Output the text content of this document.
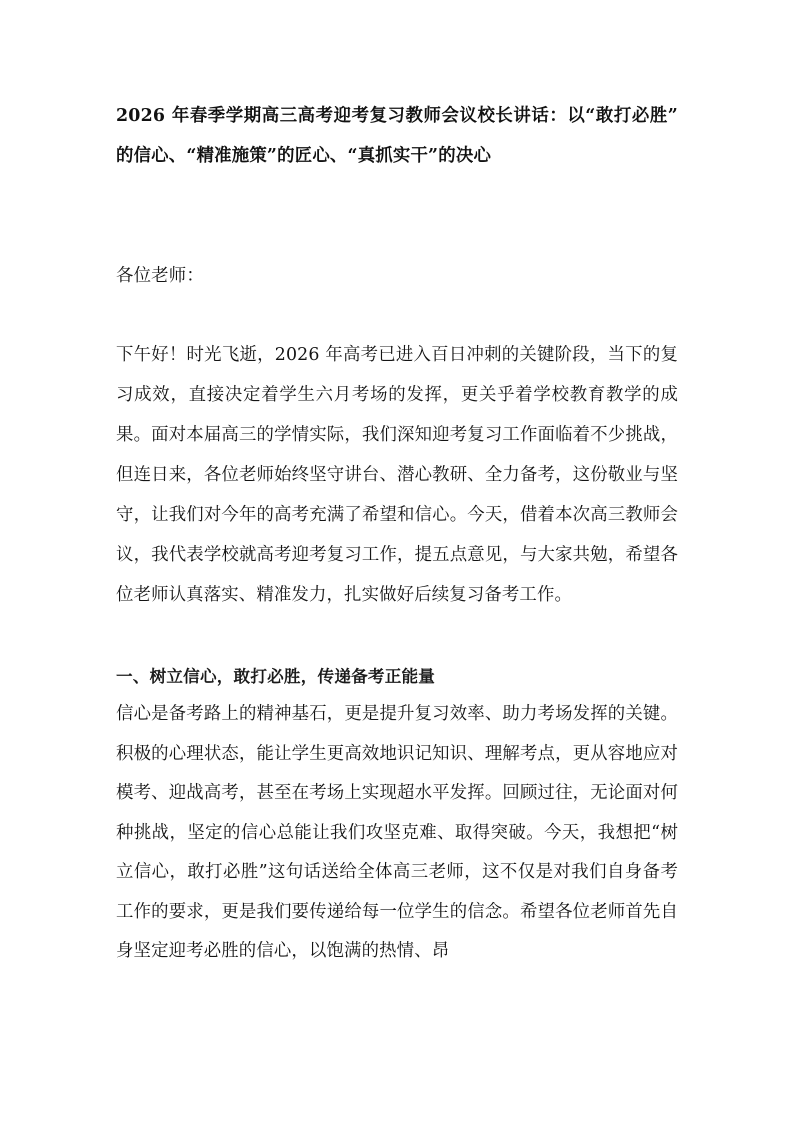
2026 年春季学期高三高考迎考复习教师会议校长讲话：以“敢打必胜”的信心、“精准施策”的匠心、“真抓实干”的决心

各位老师：

下午好！时光飞逝，2026 年高考已进入百日冲刺的关键阶段，当下的复习成效，直接决定着学生六月考场的发挥，更关乎着学校教育教学的成果。面对本届高三的学情实际，我们深知迎考复习工作面临着不少挑战，但连日来，各位老师始终坚守讲台、潜心教研、全力备考，这份敬业与坚守，让我们对今年的高考充满了希望和信心。今天，借着本次高三教师会议，我代表学校就高考迎考复习工作，提五点意见，与大家共勉，希望各位老师认真落实、精准发力，扎实做好后续复习备考工作。

一、树立信心，敢打必胜，传递备考正能量

信心是备考路上的精神基石，更是提升复习效率、助力考场发挥的关键。积极的心理状态，能让学生更高效地识记知识、理解考点，更从容地应对模考、迎战高考，甚至在考场上实现超水平发挥。回顾过往，无论面对何种挑战，坚定的信心总能让我们攻坚克难、取得突破。今天，我想把“树立信心，敢打必胜”这句话送给全体高三老师，这不仅是对我们自身备考工作的要求，更是我们要传递给每一位学生的信念。希望各位老师首先自身坚定迎考必胜的信心，以饱满的热情、昂
